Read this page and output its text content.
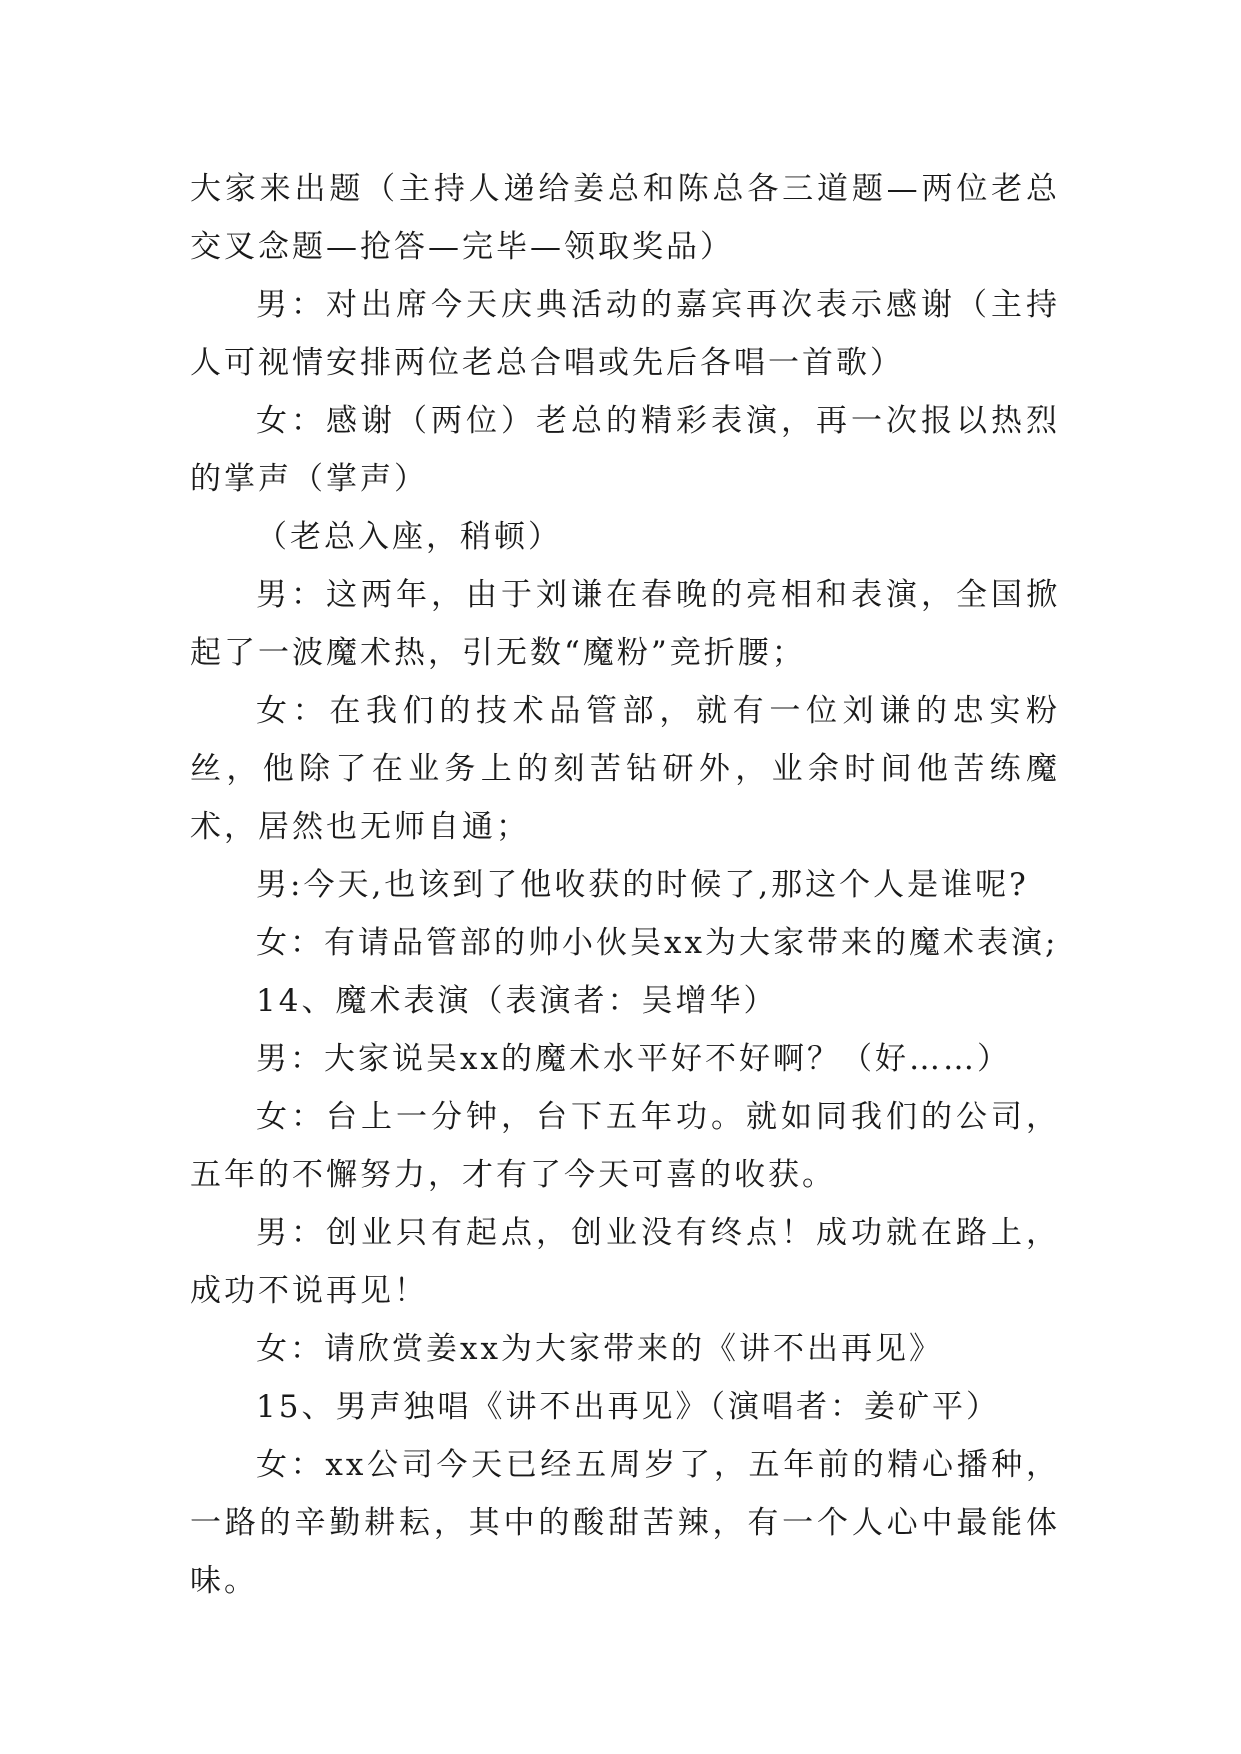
大家来出题（主持人递给姜总和陈总各三道题—两位老总交叉念题—抢答—完毕—领取奖品）

男：对出席今天庆典活动的嘉宾再次表示感谢（主持人可视情安排两位老总合唱或先后各唱一首歌）

女：感谢（两位）老总的精彩表演，再一次报以热烈的掌声（掌声）

（老总入座，稍顿）

男：这两年，由于刘谦在春晚的亮相和表演，全国掀起了一波魔术热，引无数“魔粉”竞折腰；

女：在我们的技术品管部，就有一位刘谦的忠实粉丝，他除了在业务上的刻苦钻研外，业余时间他苦练魔术，居然也无师自通；

男:今天,也该到了他收获的时候了,那这个人是谁呢?

女：有请品管部的帅小伙吴xx为大家带来的魔术表演;

14、魔术表演（表演者：吴增华）

男：大家说吴xx的魔术水平好不好啊？（好……）

女：台上一分钟，台下五年功。就如同我们的公司，五年的不懈努力，才有了今天可喜的收获。

男：创业只有起点，创业没有终点！成功就在路上，成功不说再见！

女：请欣赏姜xx为大家带来的《讲不出再见》

15、男声独唱《讲不出再见》（演唱者：姜矿平）

女：xx公司今天已经五周岁了，五年前的精心播种，一路的辛勤耕耘，其中的酸甜苦辣，有一个人心中最能体味。
